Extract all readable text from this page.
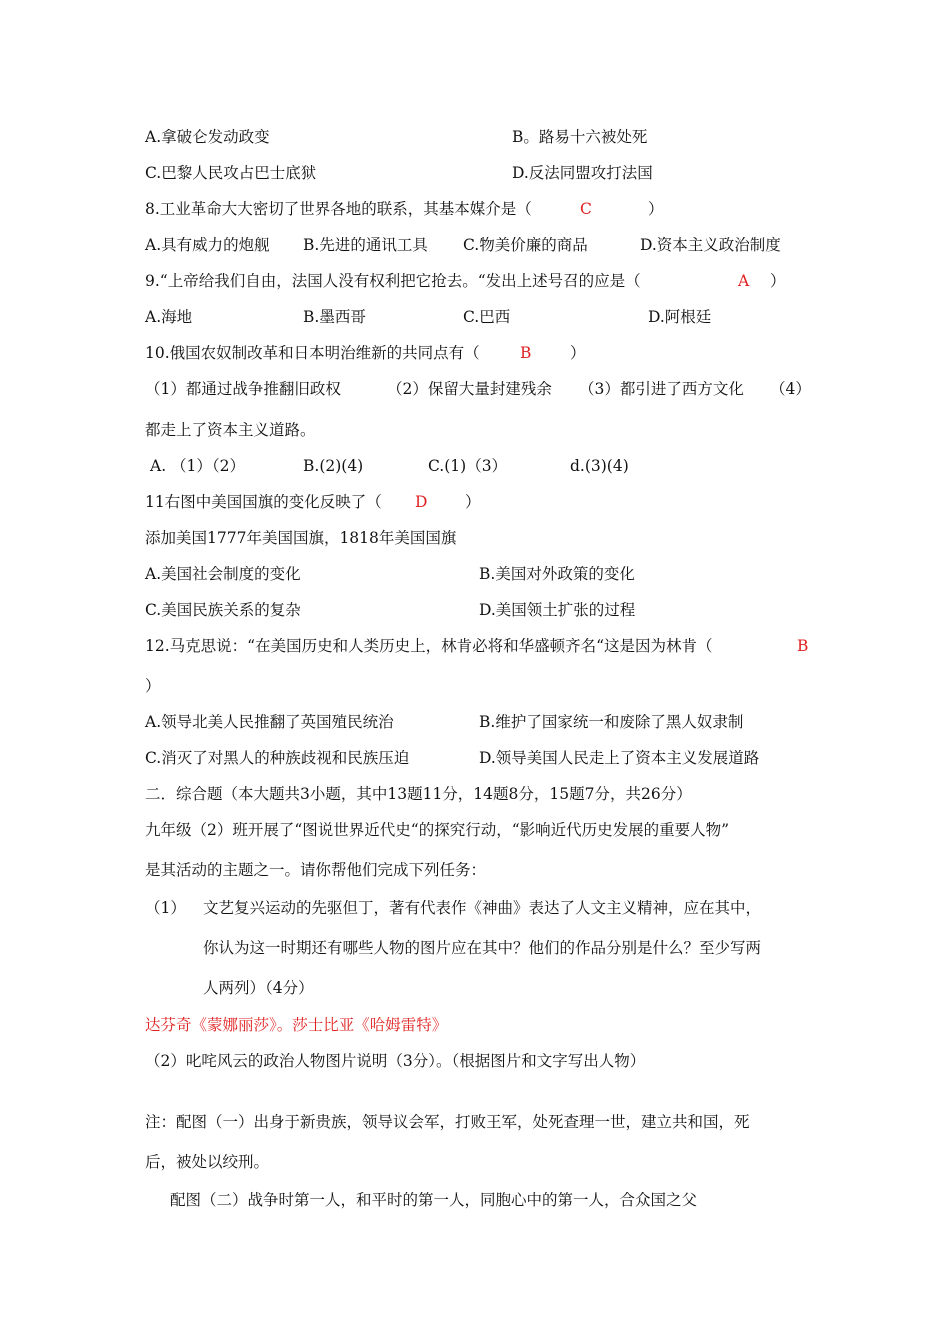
A.拿破仑发动政变	B。路易十六被处死
C.巴黎人民攻占巴士底狱	D.反法同盟攻打法国
8.工业革命大大密切了世界各地的联系，其基本媒介是（	C	）
A.具有威力的炮舰 B.先进的通讯工具 C.物美价廉的商品	D.资本主义政治制度
9.“上帝给我们自由，法国人没有权利把它抢去。“发出上述号召的应是（	A ）
A.海地	B.墨西哥	C.巴西	D.阿根廷
10.俄国农奴制改革和日本明治维新的共同点有（	B ）
（1）都通过战争推翻旧政权	（2）保留大量封建残余 （3）都引进了西方文化 （4）
都走上了资本主义道路。
A. （1）（2）	B.(2)(4)	C.(1)（3）	d.(3)(4)
11右图中美国国旗的变化反映了（ D ）
添加美国1777年美国国旗，1818年美国国旗
A.美国社会制度的变化	B.美国对外政策的变化
C.美国民族关系的复杂	D.美国领土扩张的过程
12.马克思说：“在美国历史和人类历史上，林肯必将和华盛顿齐名“这是因为林肯（	B
）
A.领导北美人民推翻了英国殖民统治	B.维护了国家统一和废除了黑人奴隶制
C.消灭了对黑人的种族歧视和民族压迫	D.领导美国人民走上了资本主义发展道路
二．综合题（本大题共3小题，其中13题11分，14题8分，15题7分，共26分）
九年级（2）班开展了“图说世界近代史“的探究行动，“影响近代历史发展的重要人物”
是其活动的主题之一。请你帮他们完成下列任务：
（1） 文艺复兴运动的先驱但丁，著有代表作《神曲》表达了人文主义精神，应在其中，
你认为这一时期还有哪些人物的图片应在其中？他们的作品分别是什么？至少写两
人两列）（4分）
达芬奇《蒙娜丽莎》。莎士比亚《哈姆雷特》
（2）叱咤风云的政治人物图片说明（3分）。（根据图片和文字写出人物）
注：配图（一）出身于新贵族，领导议会军，打败王军，处死查理一世，建立共和国，死
后，被处以绞刑。
配图（二）战争时第一人，和平时的第一人，同胞心中的第一人，合众国之父
